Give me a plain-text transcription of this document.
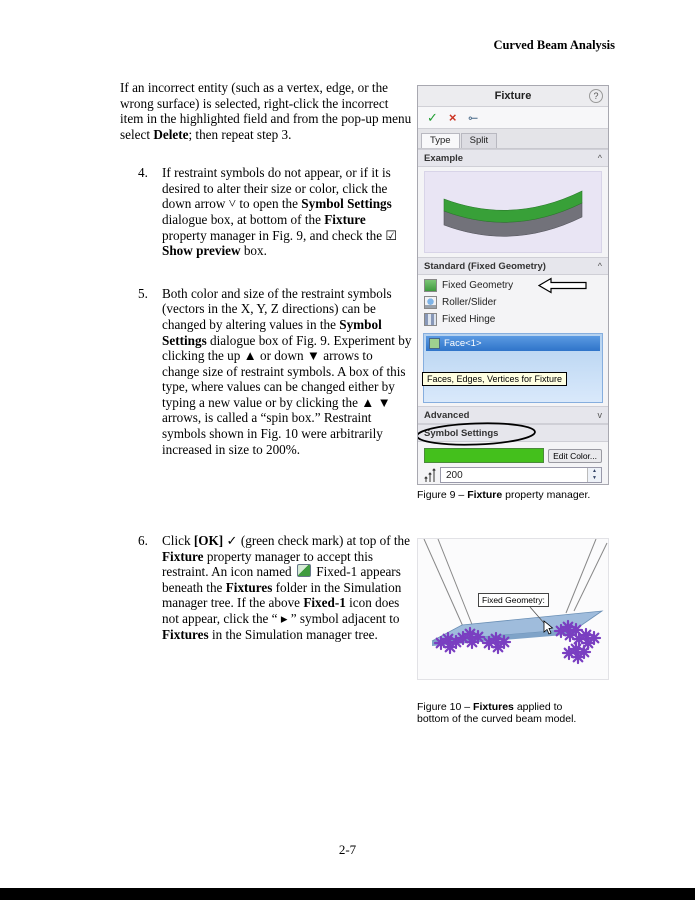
Curved Beam Analysis

If an incorrect entity (such as a vertex, edge, or the wrong surface) is selected, right-click the incorrect item in the highlighted field and from the pop-up menu select Delete; then repeat step 3.

4.	If restraint symbols do not appear, or if it is desired to alter their size or color, click the down arrow ˅ to open the Symbol Settings dialogue box, at bottom of the Fixture property manager in Fig. 9, and check the ☑ Show preview box.
5.	Both color and size of the restraint symbols (vectors in the X, Y, Z directions) can be changed by altering values in the Symbol Settings dialogue box of Fig. 9. Experiment by clicking the up ▲ or down ▼ arrows to change size of restraint symbols. A box of this type, where values can be changed either by typing a new value or by clicking the ▲ ▼ arrows, is called a “spin box.” Restraint symbols shown in Fig. 10 were arbitrarily increased in size to 200%.
6.	Click [OK] ✓ (green check mark) at top of the Fixture property manager to accept this restraint. An icon named  Fixed-1 appears beneath the Fixtures folder in the Simulation manager tree. If the above Fixed-1 icon does not appear, click the “ ▸ ” symbol adjacent to Fixtures in the Simulation manager tree.
Fixture	?
✓ × ⊸
Type	Split
Example	^
Standard (Fixed Geometry)	^
Fixed Geometry
Roller/Slider
Fixed Hinge
Face<1>
Faces, Edges, Vertices for Fixture
Advanced	v
Symbol Settings
Edit Color...
200	▲
▼
Figure 9 – Fixture property manager.
Fixed Geometry:
Figure 10 – Fixtures applied to bottom of the curved beam model.
2-7
